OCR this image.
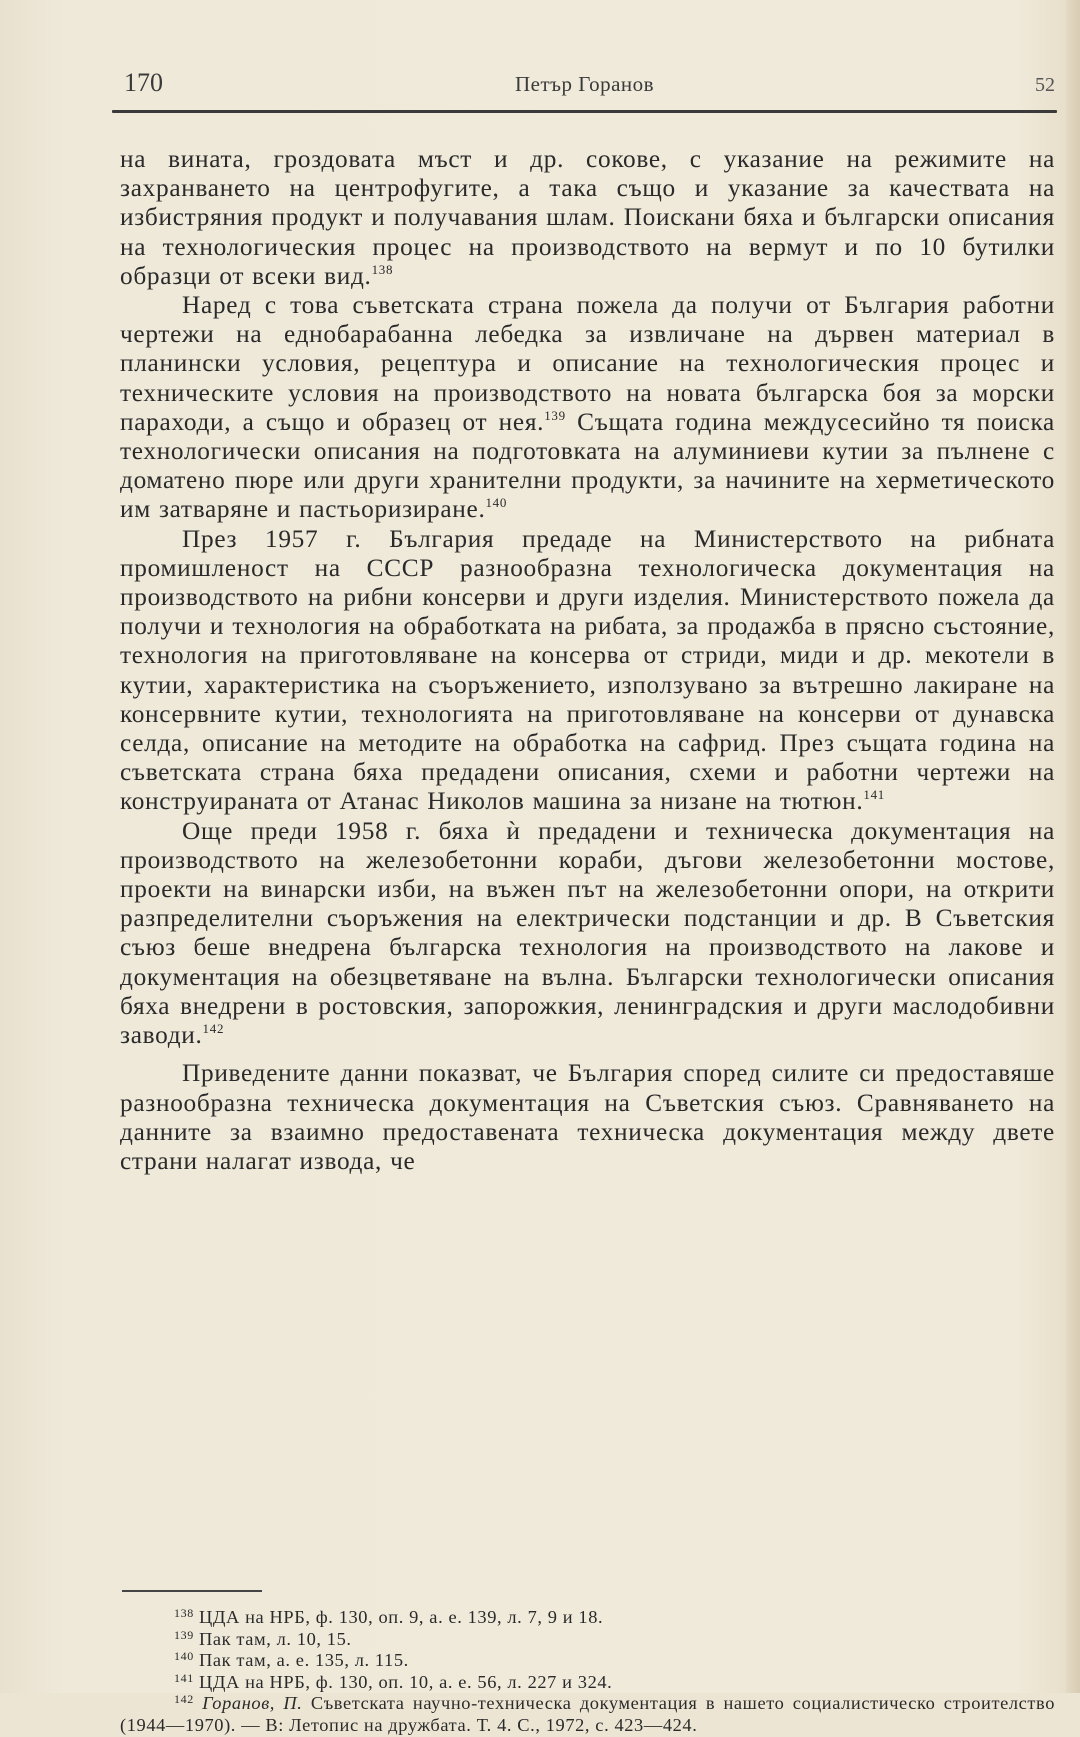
170	Петър Горанов	52

на вината, гроздовата мъст и др. сокове, с указание на режимите на захранването на центрофугите, а така също и указание за качествата на избистряния продукт и получавания шлам. Поискани бяха и български описания на технологическия процес на производството на вермут и по 10 бутилки образци от всеки вид.$^{138}$

Наред с това съветската страна пожела да получи от България работни чертежи на еднобарабанна лебедка за извличане на дървен материал в планински условия, рецептура и описание на технологическия процес и техническите условия на производството на новата българска боя за морски параходи, а също и образец от нея.$^{139}$ Същата година междусесийно тя поиска технологически описания на подготовката на алуминиеви кутии за пълнене с доматено пюре или други хранителни продукти, за начините на херметическото им затваряне и пастьоризиране.$^{140}$

През 1957 г. България предаде на Министерството на рибната промишленост на СССР разнообразна технологическа документация на производството на рибни консерви и други изделия. Министерството пожела да получи и технология на обработката на рибата, за продажба в прясно състояние, технология на приготовляване на консерва от стриди, миди и др. мекотели в кутии, характеристика на съоръжението, използувано за вътрешно лакиране на консервните кутии, технологията на приготовляване на консерви от дунавска селда, описание на методите на обработка на сафрид. През същата година на съветската страна бяха предадени описания, схеми и работни чертежи на конструираната от Атанас Николов машина за низане на тютюн.$^{141}$

Още преди 1958 г. бяха ѝ предадени и техническа документация на производството на железобетонни кораби, дъгови железобетонни мостове, проекти на винарски изби, на въжен път на железобетонни опори, на открити разпределителни съоръжения на електрически подстанции и др. В Съветския съюз беше внедрена българска технология на производството на лакове и документация на обезцветяване на вълна. Български технологически описания бяха внедрени в ростовския, запорожкия, ленинградския и други маслодобивни заводи.$^{142}$

Приведените данни показват, че България според силите си предоставяше разнообразна техническа документация на Съветския съюз. Сравняването на данните за взаимно предоставената техническа документация между двете страни налагат извода, че

$^{138}$ ЦДА на НРБ, ф. 130, оп. 9, а. е. 139, л. 7, 9 и 18.

$^{139}$ Пак там, л. 10, 15.

$^{140}$ Пак там, а. е. 135, л. 115.

$^{141}$ ЦДА на НРБ, ф. 130, оп. 10, а. е. 56, л. 227 и 324.

$^{142}$ Горанов, П. Съветската научно-техническа документация в нашето социалистическо строителство (1944—1970). — В: Летопис на дружбата. Т. 4. С., 1972, с. 423—424.
